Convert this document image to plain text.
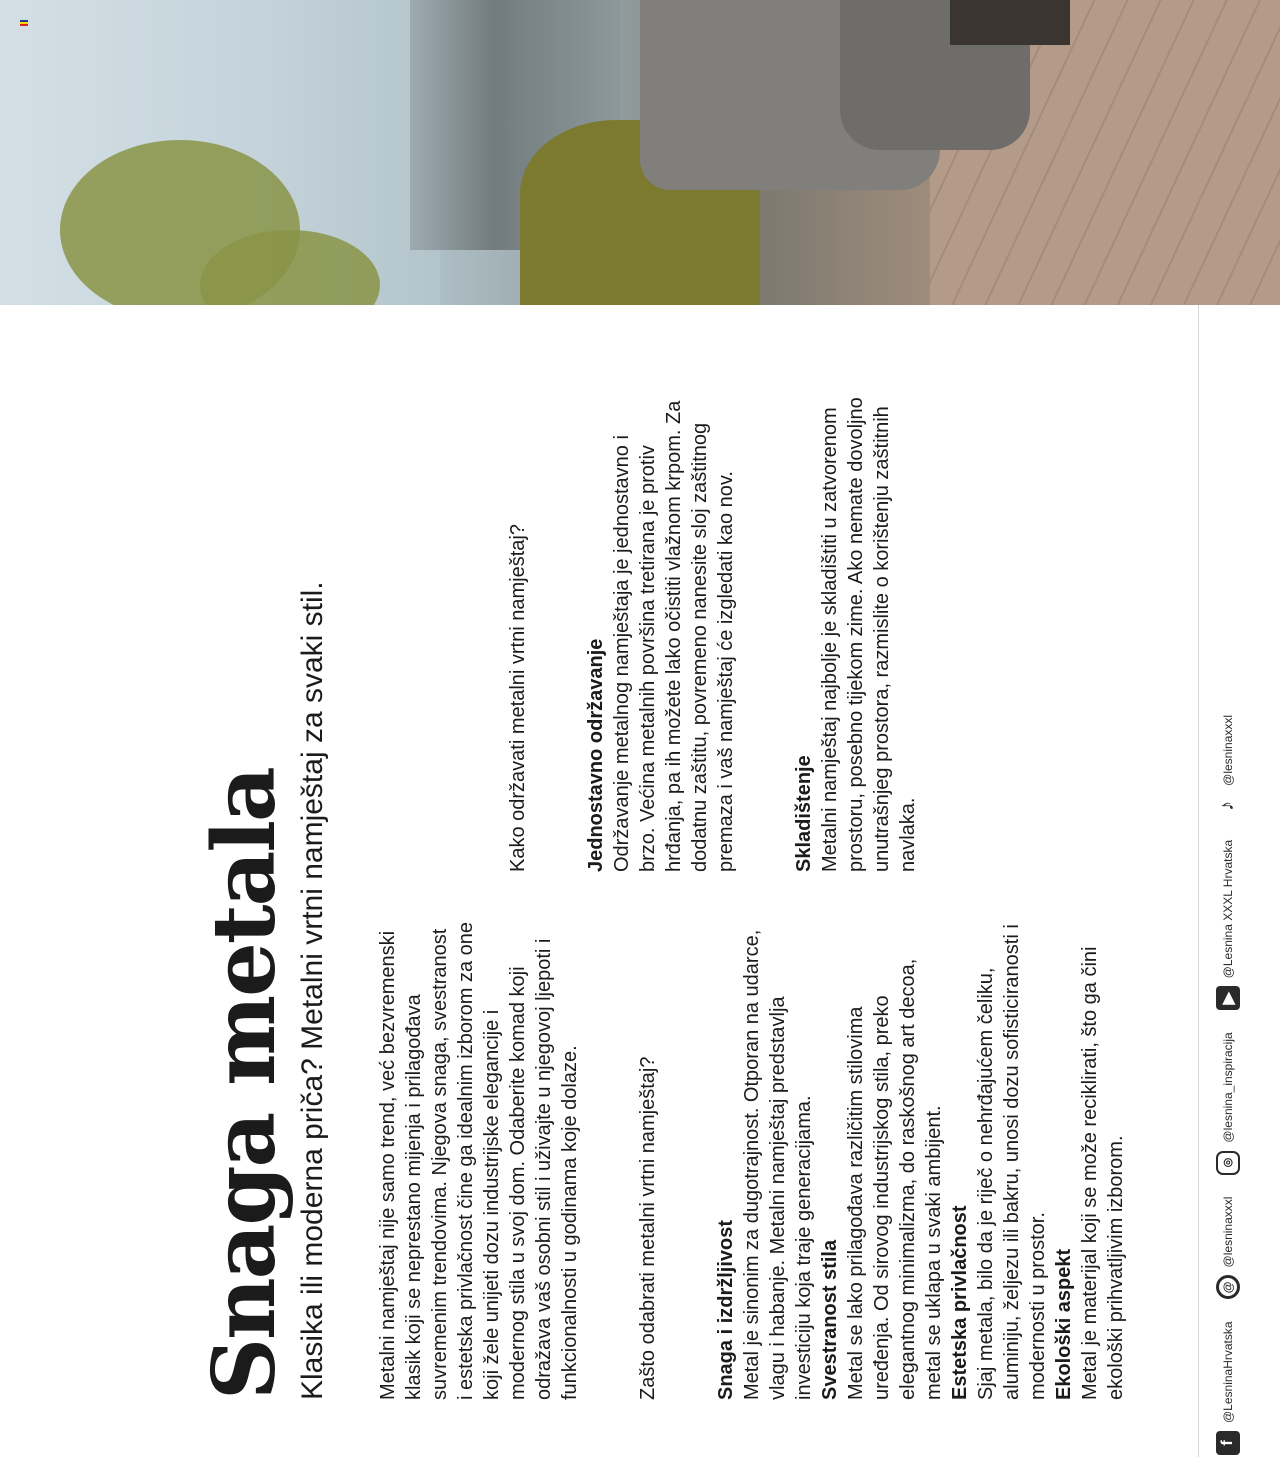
Snaga metala Klasika ili moderna priča? Metalni vrtni namještaj za svaki stil. Metalni namještaj nije samo trend, već bezvremenski klasik koji se neprestano mijenja i prilagođava suvremenim trendovima. Njegova snaga, svestranost i estetska privlačnost čine ga idealnim izborom za one koji žele unijeti dozu industrijske elegancije i modernog stila u svoj dom. Odaberite komad koji odražava vaš osobni stil i uživajte u njegovoj ljepoti i funkcionalnosti u godinama koje dolaze.	Zašto odabrati metalni vrtni namještaj?	Snaga i izdržljivost Metal je sinonim za dugotrajnost. Otporan na udarce, vlagu i habanje. Metalni namještaj predstavlja investiciju koja traje generacijama. Svestranost stila Metal se lako prilagođava različitim stilovima uređenja. Od sirovog industrijskog stila, preko elegantnog minimalizma, do raskošnog art decoa, metal se uklapa u svaki ambijent. Estetska privlačnost Sjaj metala, bilo da je riječ o nehrđajućem čeliku, aluminiju, željezu ili bakru, unosi dozu sofisticiranosti i modernosti u prostor. Ekološki aspekt Metal je materijal koji se može reciklirati, što ga čini ekološki prihvatljivim izborom.

Kako održavati metalni vrtni namještaj?	Jednostavno održavanje Održavanje metalnog namještaja je jednostavno i brzo. Većina metalnih površina tretirana je protiv hrđanja, pa ih možete lako očistiti vlažnom krpom. Za dodatnu zaštitu, povremeno nanesite sloj zaštitnog premaza i vaš namještaj će izgledati kao nov.	Skladištenje Metalni namještaj najbolje je skladištiti u zatvorenom prostoru, posebno tijekom zime. Ako nemate dovoljno unutrašnjeg prostora, razmislite o korištenju zaštitnih navlaka.

f
@LesninaHrvatska
@
@lesninaxxxl
◎
@lesnina_inspiracija
▶
@Lesnina XXXL Hrvatska
♪
@lesninaxxxl
